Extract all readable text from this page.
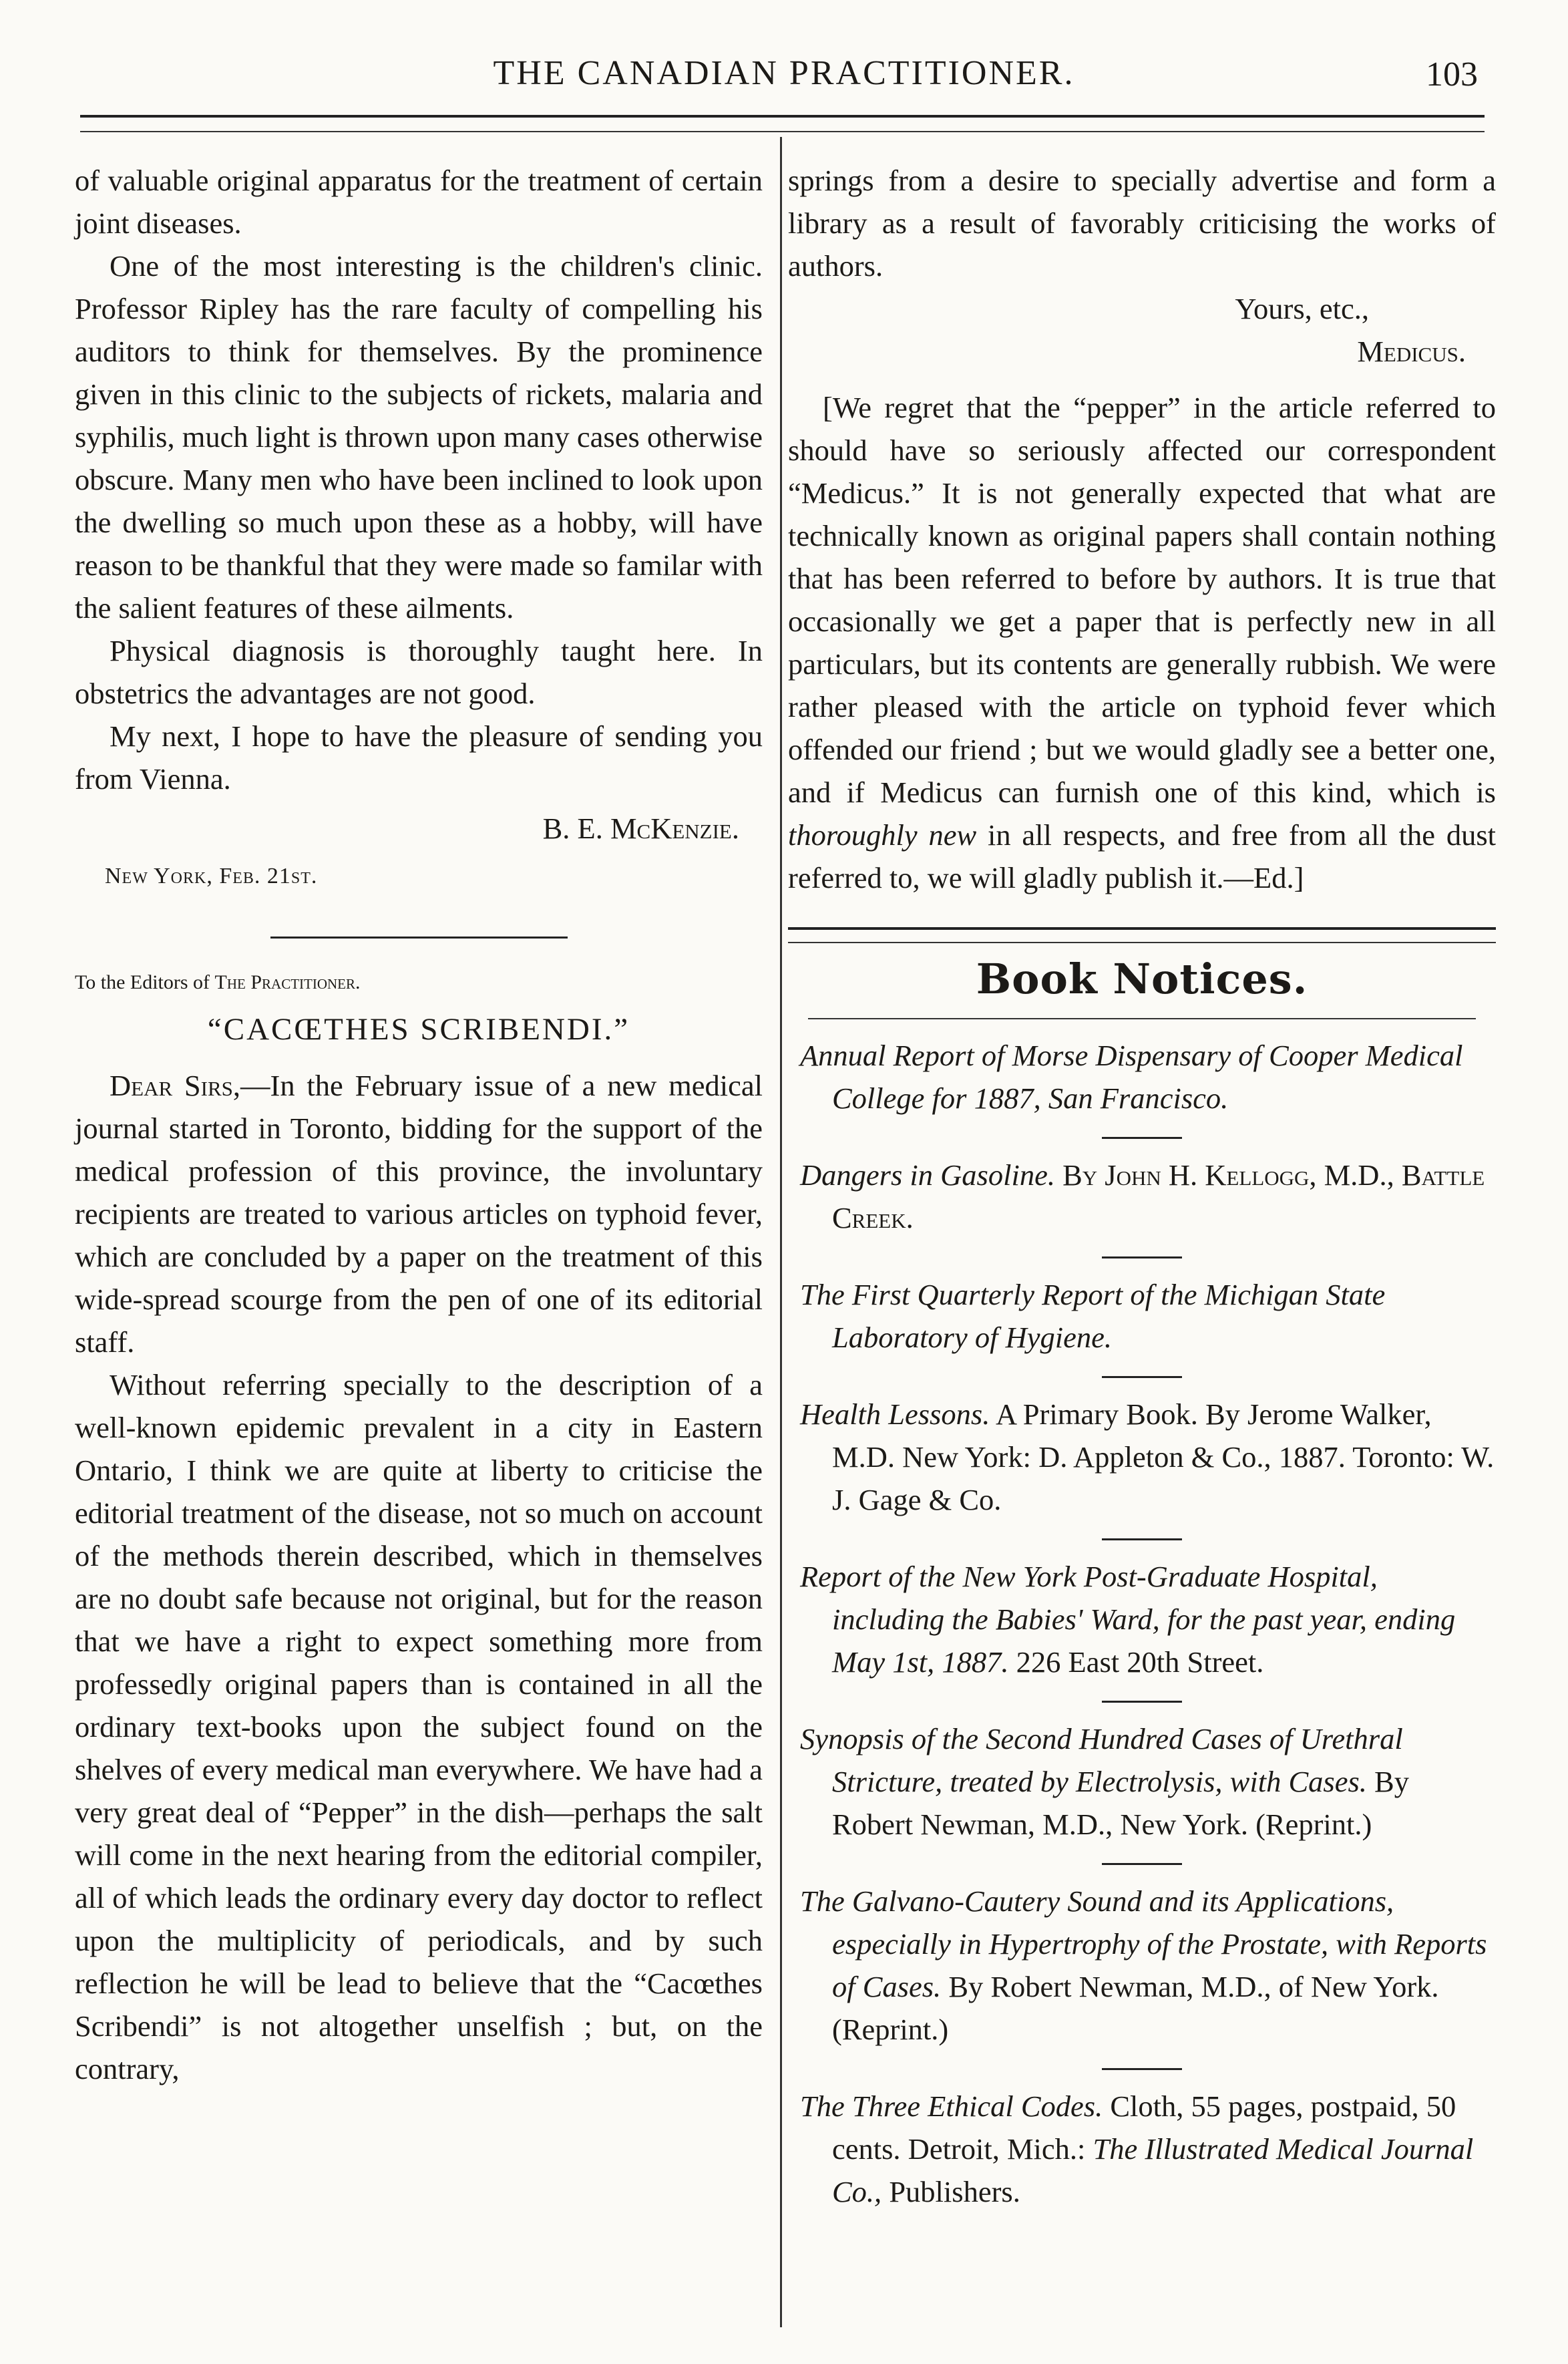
THE CANADIAN PRACTITIONER.	103

of valuable original apparatus for the treatment of certain joint diseases.

One of the most interesting is the children's clinic. Professor Ripley has the rare faculty of compelling his auditors to think for themselves. By the prominence given in this clinic to the subjects of rickets, malaria and syphilis, much light is thrown upon many cases otherwise obscure. Many men who have been inclined to look upon the dwelling so much upon these as a hobby, will have reason to be thankful that they were made so familar with the salient features of these ailments.

Physical diagnosis is thoroughly taught here. In obstetrics the advantages are not good.

My next, I hope to have the pleasure of sending you from Vienna.

B. E. McKenzie.
New York, Feb. 21st.
To the Editors of The Practitioner.
“CACŒTHES SCRIBENDI.”

Dear Sirs,—In the February issue of a new medical journal started in Toronto, bidding for the support of the medical profession of this province, the involuntary recipients are treated to various articles on typhoid fever, which are concluded by a paper on the treatment of this wide-spread scourge from the pen of one of its editorial staff.

Without referring specially to the description of a well-known epidemic prevalent in a city in Eastern Ontario, I think we are quite at liberty to criticise the editorial treatment of the disease, not so much on account of the methods therein described, which in themselves are no doubt safe because not original, but for the reason that we have a right to expect something more from professedly original papers than is contained in all the ordinary text-books upon the subject found on the shelves of every medical man everywhere. We have had a very great deal of “Pepper” in the dish—perhaps the salt will come in the next hearing from the editorial compiler, all of which leads the ordinary every day doctor to reflect upon the multiplicity of periodicals, and by such reflection he will be lead to believe that the “Cacœthes Scribendi” is not altogether unselfish ; but, on the contrary,

springs from a desire to specially advertise and form a library as a result of favorably criticising the works of authors.

Yours, etc.,
Medicus.

[We regret that the “pepper” in the article referred to should have so seriously affected our correspondent “Medicus.” It is not generally expected that what are technically known as original papers shall contain nothing that has been referred to before by authors. It is true that occasionally we get a paper that is perfectly new in all particulars, but its contents are generally rubbish. We were rather pleased with the article on typhoid fever which offended our friend ; but we would gladly see a better one, and if Medicus can furnish one of this kind, which is thoroughly new in all respects, and free from all the dust referred to, we will gladly publish it.—Ed.]

Book Notices.
Annual Report of Morse Dispensary of Cooper Medical College for 1887, San Francisco.
Dangers in Gasoline. By John H. Kellogg, M.D., Battle Creek.
The First Quarterly Report of the Michigan State Laboratory of Hygiene.
Health Lessons. A Primary Book. By Jerome Walker, M.D. New York: D. Appleton & Co., 1887. Toronto: W. J. Gage & Co.
Report of the New York Post-Graduate Hospital, including the Babies' Ward, for the past year, ending May 1st, 1887. 226 East 20th Street.
Synopsis of the Second Hundred Cases of Urethral Stricture, treated by Electrolysis, with Cases. By Robert Newman, M.D., New York. (Reprint.)
The Galvano-Cautery Sound and its Applications, especially in Hypertrophy of the Prostate, with Reports of Cases. By Robert Newman, M.D., of New York. (Reprint.)
The Three Ethical Codes. Cloth, 55 pages, postpaid, 50 cents. Detroit, Mich.: The Illustrated Medical Journal Co., Publishers.
